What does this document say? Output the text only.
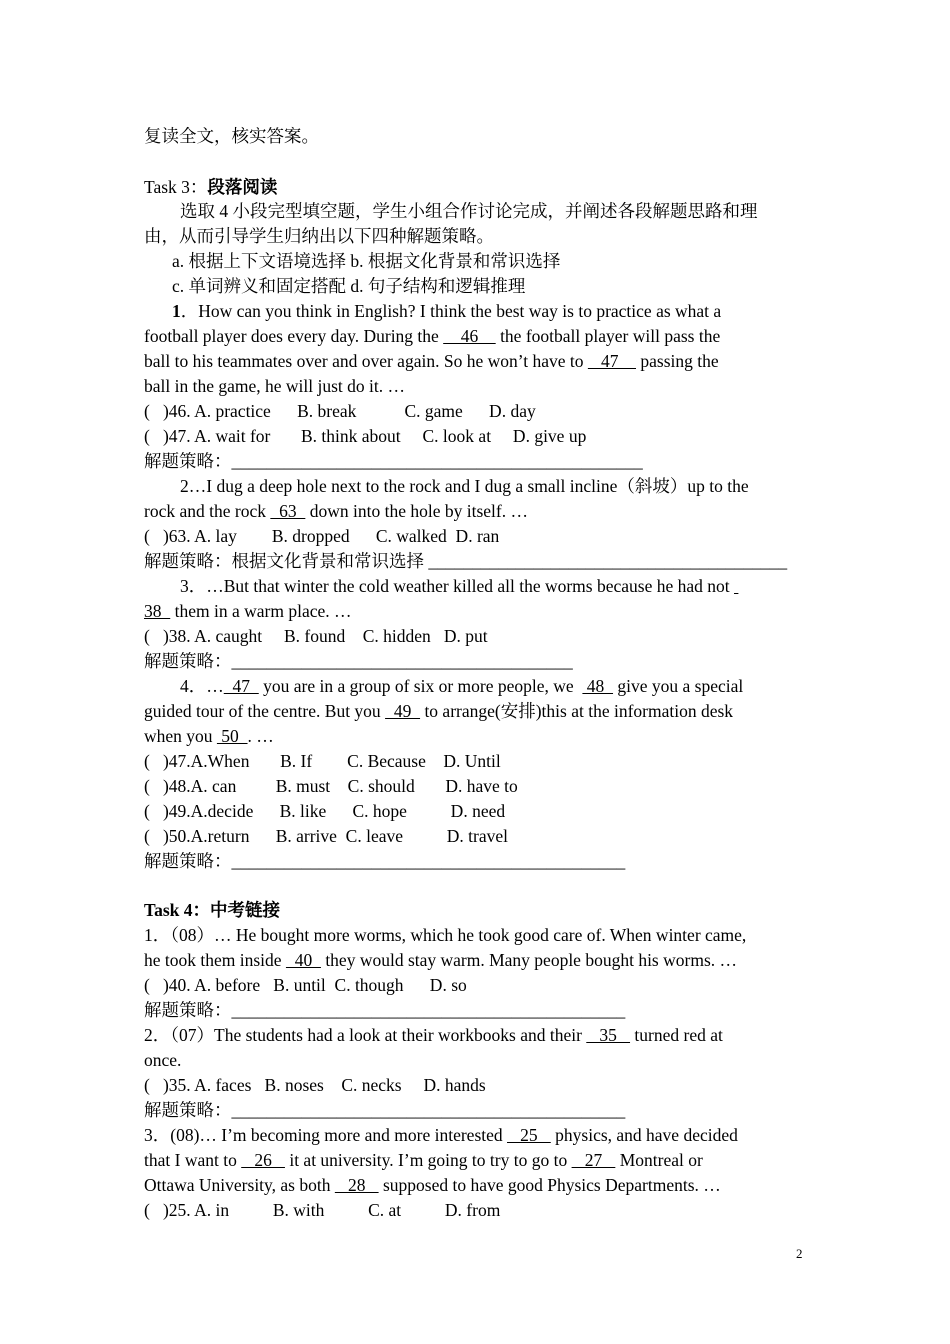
复读全文，核实答案。
Task 3：段落阅读
选取 4 小段完型填空题，学生小组合作讨论完成，并阐述各段解题思路和理
由，从而引导学生归纳出以下四种解题策略。
a. 根据上下文语境选择 b. 根据文化背景和常识选择
c. 单词辨义和固定搭配 d. 句子结构和逻辑推理
1．How can you think in English? I think the best way is to practice as what a
football player does every day. During the     46     the football player will pass the
ball to his teammates over and over again. So he won’t have to    47     passing the
ball in the game, he will just do it. …
(   )46. A. practice      B. break           C. game      D. day
(   )47. A. wait for       B. think about     C. look at     D. give up
解题策略：_______________________________________________
2…I dug a deep hole next to the rock and I dug a small incline（斜坡）up to the
rock and the rock   63   down into the hole by itself. …
(   )63. A. lay        B. dropped      C. walked  D. ran
解题策略：根据文化背景和常识选择 _________________________________________
3．…But that winter the cold weather killed all the worms because he had not
38   them in a warm place. …
(   )38. A. caught     B. found    C. hidden   D. put
解题策略：_______________________________________
4．…  47   you are in a group of six or more people, we   48   give you a special
guided tour of the centre. But you   49   to arrange(安排)this at the information desk
when you  50  . …
(   )47.A.When       B. If        C. Because    D. Until
(   )48.A. can         B. must    C. should       D. have to
(   )49.A.decide      B. like      C. hope          D. need
(   )50.A.return      B. arrive  C. leave          D. travel
解题策略：_____________________________________________
Task 4：中考链接
1．（08）… He bought more worms, which he took good care of. When winter came,
he took them inside   40   they would stay warm. Many people bought his worms. …
(   )40. A. before   B. until  C. though      D. so
解题策略：_____________________________________________
2．（07）The students had a look at their workbooks and their    35    turned red at
once.
(   )35. A. faces   B. noses    C. necks     D. hands
解题策略：_____________________________________________
3．(08)… I’m becoming more and more interested    25    physics, and have decided
that I want to    26    it at university. I’m going to try to go to    27    Montreal or
Ottawa University, as both    28    supposed to have good Physics Departments. …
(   )25. A. in          B. with          C. at          D. from
2
